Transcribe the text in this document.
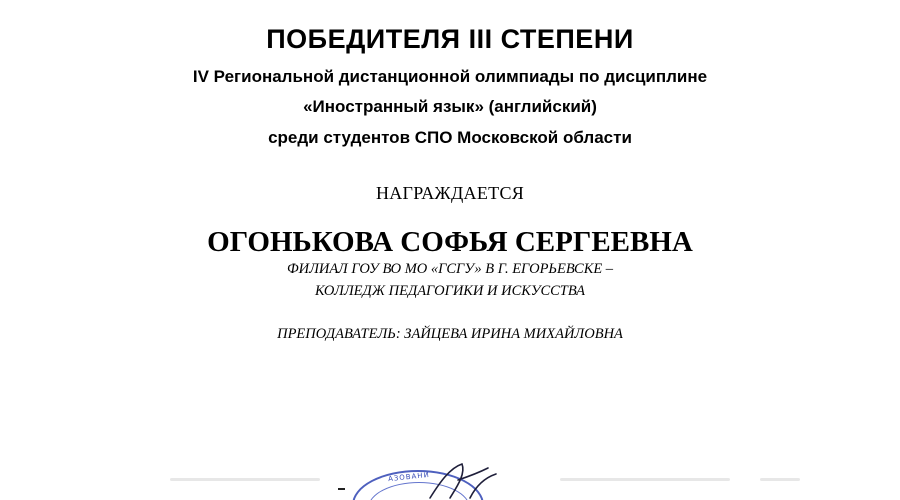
ПОБЕДИТЕЛЯ III СТЕПЕНИ
IV Региональной дистанционной олимпиады по дисциплине
«Иностранный язык» (английский)
среди студентов СПО Московской области
НАГРАЖДАЕТСЯ
ОГОНЬКОВА СОФЬЯ СЕРГЕЕВНА
ФИЛИАЛ ГОУ ВО МО «ГСГУ» В Г. ЕГОРЬЕВСКЕ –
КОЛЛЕДЖ ПЕДАГОГИКИ И ИСКУССТВА
ПРЕПОДАВАТЕЛЬ: ЗАЙЦЕВА ИРИНА МИХАЙЛОВНА
АЗОВАНИ
